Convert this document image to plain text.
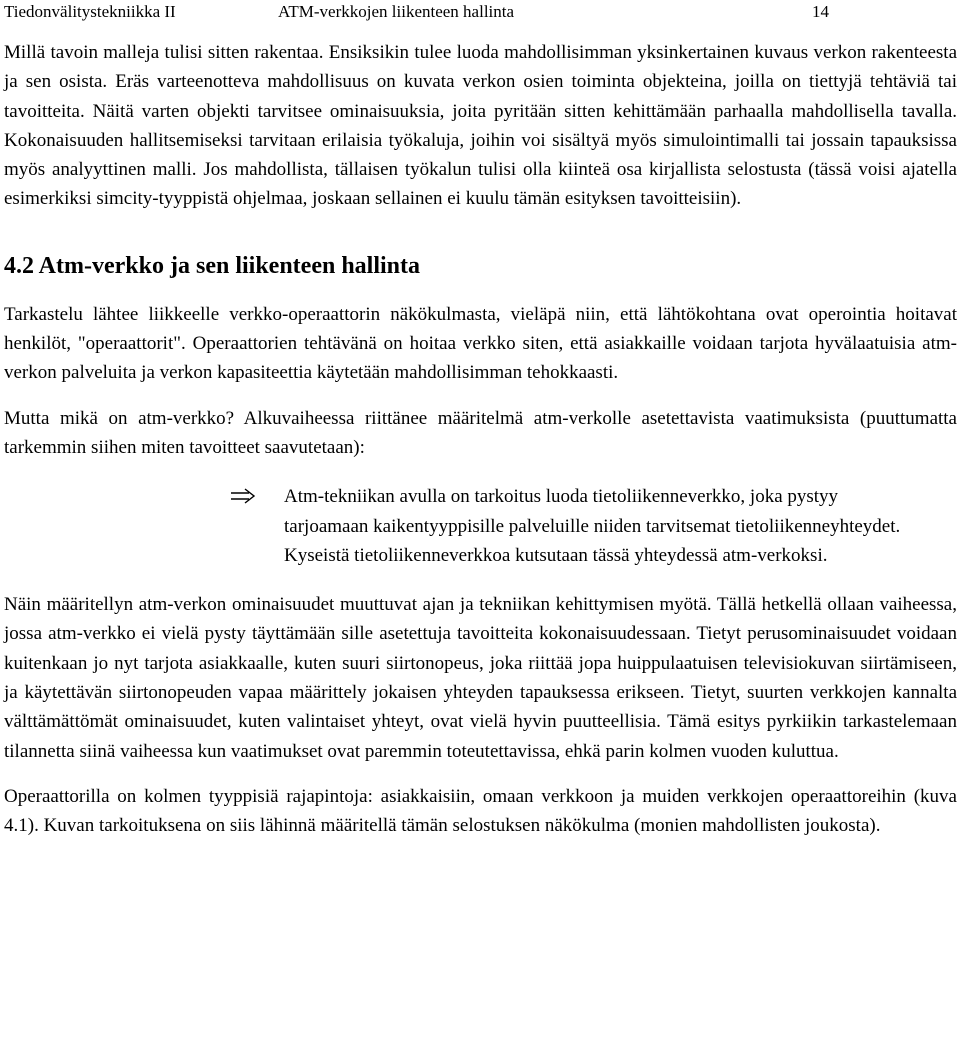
Tiedonvälitystekniikka II	ATM-verkkojen liikenteen hallinta	14

Millä tavoin malleja tulisi sitten rakentaa. Ensiksikin tulee luoda mahdollisimman yksinkertainen kuvaus verkon rakenteesta ja sen osista. Eräs varteenotteva mahdollisuus on kuvata verkon osien toiminta objekteina, joilla on tiettyjä tehtäviä tai tavoitteita. Näitä varten objekti tarvitsee ominaisuuksia, joita pyritään sitten kehittämään parhaalla mahdollisella tavalla. Kokonaisuuden hallitsemiseksi tarvitaan erilaisia työkaluja, joihin voi sisältyä myös simulointimalli tai jossain tapauksissa myös analyyttinen malli. Jos mahdollista, tällaisen työkalun tulisi olla kiinteä osa kirjallista selostusta (tässä voisi ajatella esimerkiksi simcity-tyyppistä ohjelmaa, joskaan sellainen ei kuulu tämän esityksen tavoitteisiin).

4.2 Atm-verkko ja sen liikenteen hallinta

Tarkastelu lähtee liikkeelle verkko-operaattorin näkökulmasta, vieläpä niin, että lähtökohtana ovat operointia hoitavat henkilöt, "operaattorit". Operaattorien tehtävänä on hoitaa verkko siten, että asiakkaille voidaan tarjota hyvälaatuisia atm-verkon palveluita ja verkon kapasiteettia käytetään mahdollisimman tehokkaasti.

Mutta mikä on atm-verkko? Alkuvaiheessa riittänee määritelmä atm-verkolle asetettavista vaatimuksista (puuttumatta tarkemmin siihen miten tavoitteet saavutetaan):

Atm-tekniikan avulla on tarkoitus luoda tietoliikenneverkko, joka pystyy tarjoamaan kaikentyyppisille palveluille niiden tarvitsemat tietoliikenneyhteydet. Kyseistä tietoliikenneverkkoa kutsutaan tässä yhteydessä atm-verkoksi.

Näin määritellyn atm-verkon ominaisuudet muuttuvat ajan ja tekniikan kehittymisen myötä. Tällä hetkellä ollaan vaiheessa, jossa atm-verkko ei vielä pysty täyttämään sille asetettuja tavoitteita kokonaisuudessaan. Tietyt perusominaisuudet voidaan kuitenkaan jo nyt tarjota asiakkaalle, kuten suuri siirtonopeus, joka riittää jopa huippulaatuisen televisiokuvan siirtämiseen, ja käytettävän siirtonopeuden vapaa määrittely jokaisen yhteyden tapauksessa erikseen. Tietyt, suurten verkkojen kannalta välttämättömät ominaisuudet, kuten valintaiset yhteyt, ovat vielä hyvin puutteellisia. Tämä esitys pyrkiikin tarkastelemaan tilannetta siinä vaiheessa kun vaatimukset ovat paremmin toteutettavissa, ehkä parin kolmen vuoden kuluttua.

Operaattorilla on kolmen tyyppisiä rajapintoja: asiakkaisiin, omaan verkkoon ja muiden verkkojen operaattoreihin (kuva 4.1). Kuvan tarkoituksena on siis lähinnä määritellä tämän selostuksen näkökulma (monien mahdollisten joukosta).
